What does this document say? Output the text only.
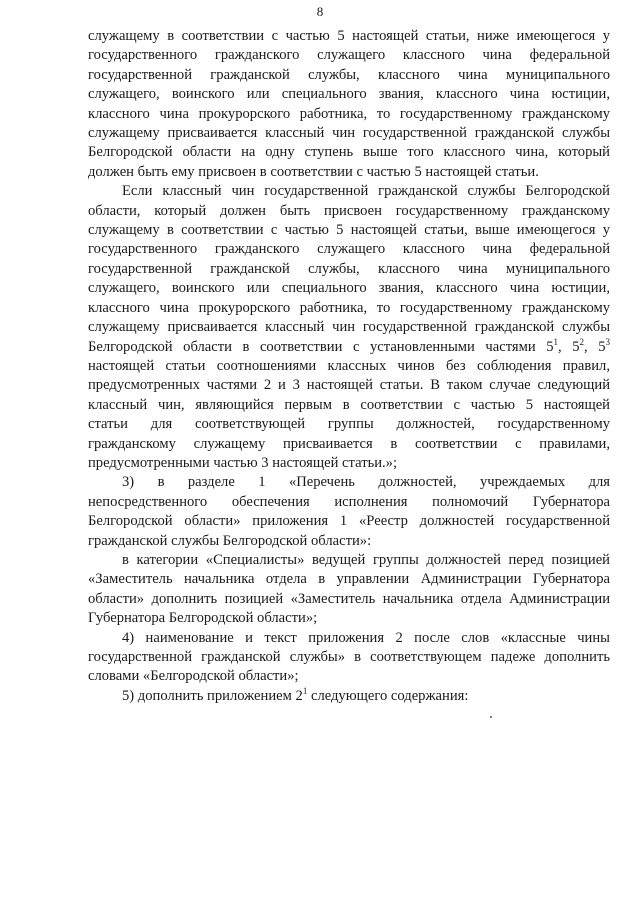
8

служащему в соответствии с частью 5 настоящей статьи, ниже имеющегося у
государственного гражданского служащего классного чина федеральной
государственной гражданской службы, классного чина муниципального
служащего, воинского или специального звания, классного чина юстиции,
классного чина прокурорского работника, то государственному гражданскому
служащему присваивается классный чин государственной гражданской службы
Белгородской области на одну ступень выше того классного чина, который
должен быть ему присвоен в соответствии с частью 5 настоящей статьи.

Если классный чин государственной гражданской службы Белгородской
области, который должен быть присвоен государственному гражданскому
служащему в соответствии с частью 5 настоящей статьи, выше имеющегося у
государственного гражданского служащего классного чина федеральной
государственной гражданской службы, классного чина муниципального
служащего, воинского или специального звания, классного чина юстиции,
классного чина прокурорского работника, то государственному гражданскому
служащему присваивается классный чин государственной гражданской службы
Белгородской области в соответствии с установленными частями $5^1$, $5^2$, $5^3$
настоящей статьи соотношениями классных чинов без соблюдения правил,
предусмотренных частями 2 и 3 настоящей статьи. В таком случае следующий
классный чин, являющийся первым в соответствии с частью 5 настоящей
статьи для соответствующей группы должностей, государственному
гражданскому служащему присваивается в соответствии с правилами,
предусмотренными частью 3 настоящей статьи.»;

3) в разделе 1 «Перечень должностей, учреждаемых для
непосредственного обеспечения исполнения полномочий Губернатора
Белгородской области» приложения 1 «Реестр должностей государственной
гражданской службы Белгородской области»:

в категории «Специалисты» ведущей группы должностей перед позицией
«Заместитель начальника отдела в управлении Администрации Губернатора
области» дополнить позицией «Заместитель начальника отдела Администрации
Губернатора Белгородской области»;

4) наименование и текст приложения 2 после слов «классные чины
государственной гражданской службы» в соответствующем падеже дополнить
словами «Белгородской области»;

5) дополнить приложением $2^1$ следующего содержания:
